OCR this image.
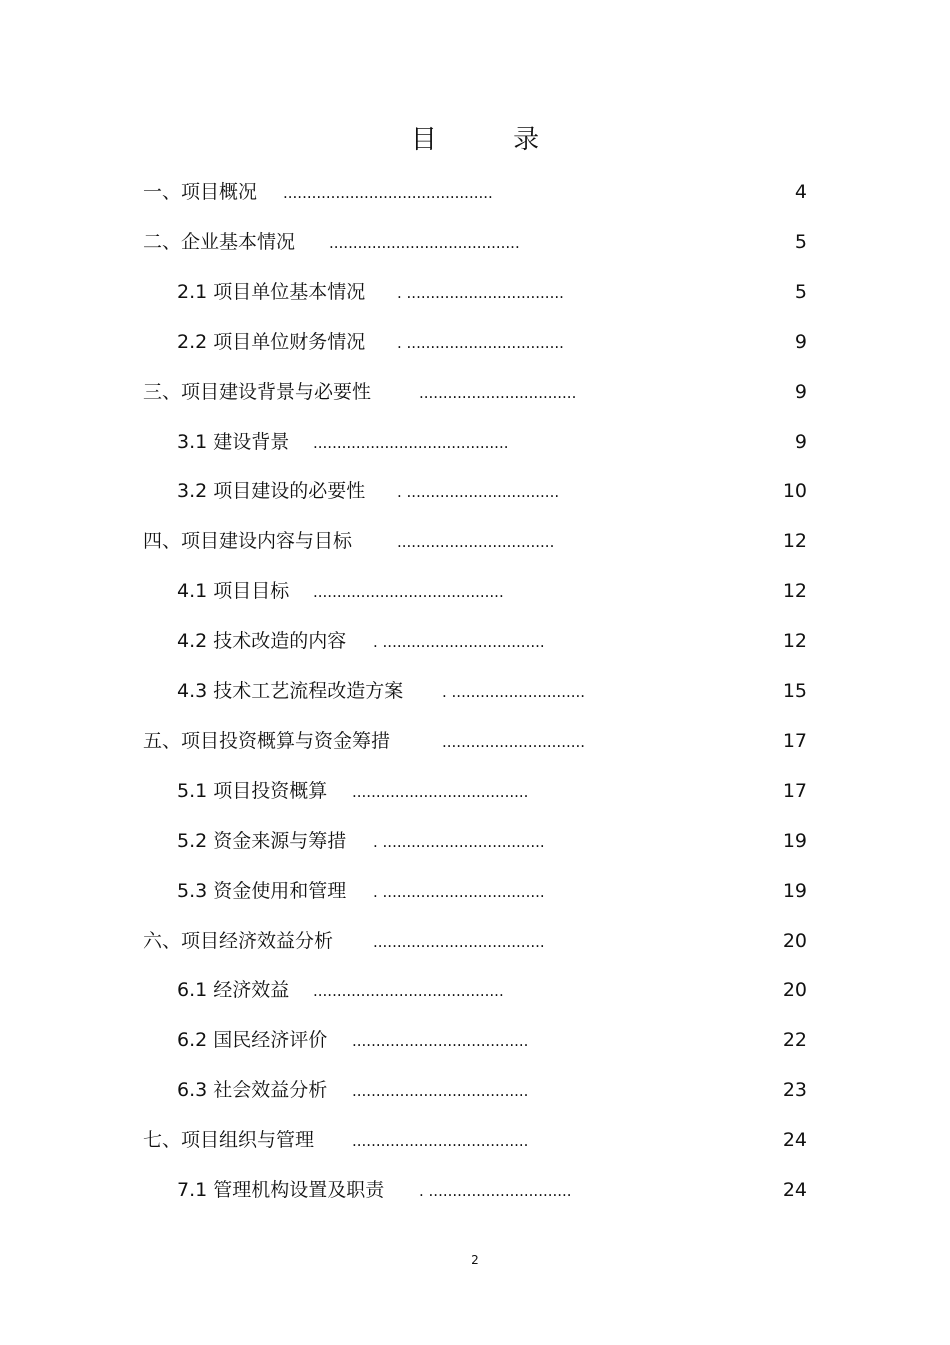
目 录
一、项目概况 ............................................	4
二、企业基本情况 ........................................	5
2.1 项目单位基本情况 . .................................	5
2.2 项目单位财务情况 . .................................	9
三、项目建设背景与必要性	.................................	9
3.1 建设背景 .........................................	9
3.2 项目建设的必要性 . ................................	10
四、项目建设内容与目标	.................................	12
4.1 项目目标 ........................................	12
4.2 技术改造的内容 . ..................................	12
4.3 技术工艺流程改造方案	. ............................	15
五、项目投资概算与资金筹措	..............................	17
5.1 项目投资概算 .....................................	17
5.2 资金来源与筹措 . ..................................	19
5.3 资金使用和管理 . ..................................	19
六、项目经济效益分析	....................................	20
6.1 经济效益 ........................................	20
6.2 国民经济评价 .....................................	22
6.3 社会效益分析 .....................................	23
七、项目组织与管理	.....................................	24
7.1 管理机构设置及职责 . ..............................	24
2
